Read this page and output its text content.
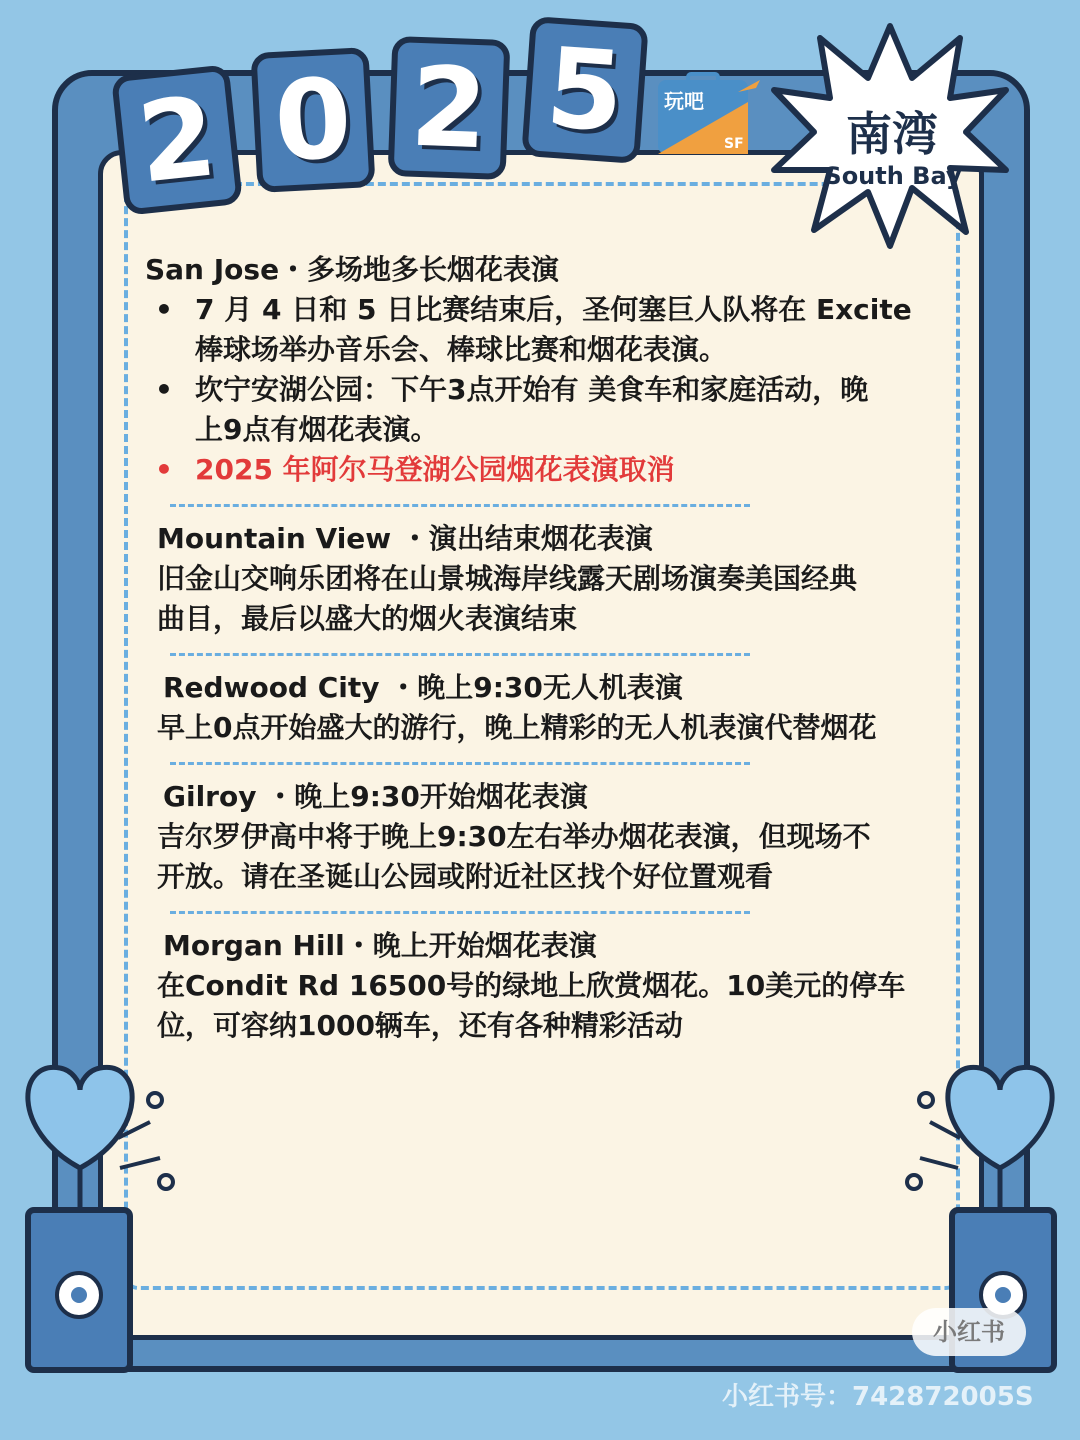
2 0 2 5	玩吧
SF	南湾
South Bay
San Jose・多场地多长烟花表演
• 7 月 4 日和 5 日比赛结束后，圣何塞巨人队将在 Excite
棒球场举办音乐会、棒球比赛和烟花表演。
• 坎宁安湖公园：下午3点开始有 美食车和家庭活动，晚
上9点有烟花表演。
• 2025 年阿尔马登湖公园烟花表演取消
Mountain View ・演出结束烟花表演
旧金山交响乐团将在山景城海岸线露天剧场演奏美国经典
曲目，最后以盛大的烟火表演结束
Redwood City ・晚上9:30无人机表演
早上0点开始盛大的游行，晚上精彩的无人机表演代替烟花
Gilroy ・晚上9:30开始烟花表演
吉尔罗伊高中将于晚上9:30左右举办烟花表演，但现场不
开放。请在圣诞山公园或附近社区找个好位置观看
Morgan Hill・晚上开始烟花表演
在Condit Rd 16500号的绿地上欣赏烟花。10美元的停车
位，可容纳1000辆车，还有各种精彩活动
小红书
小红书号：742872005S
